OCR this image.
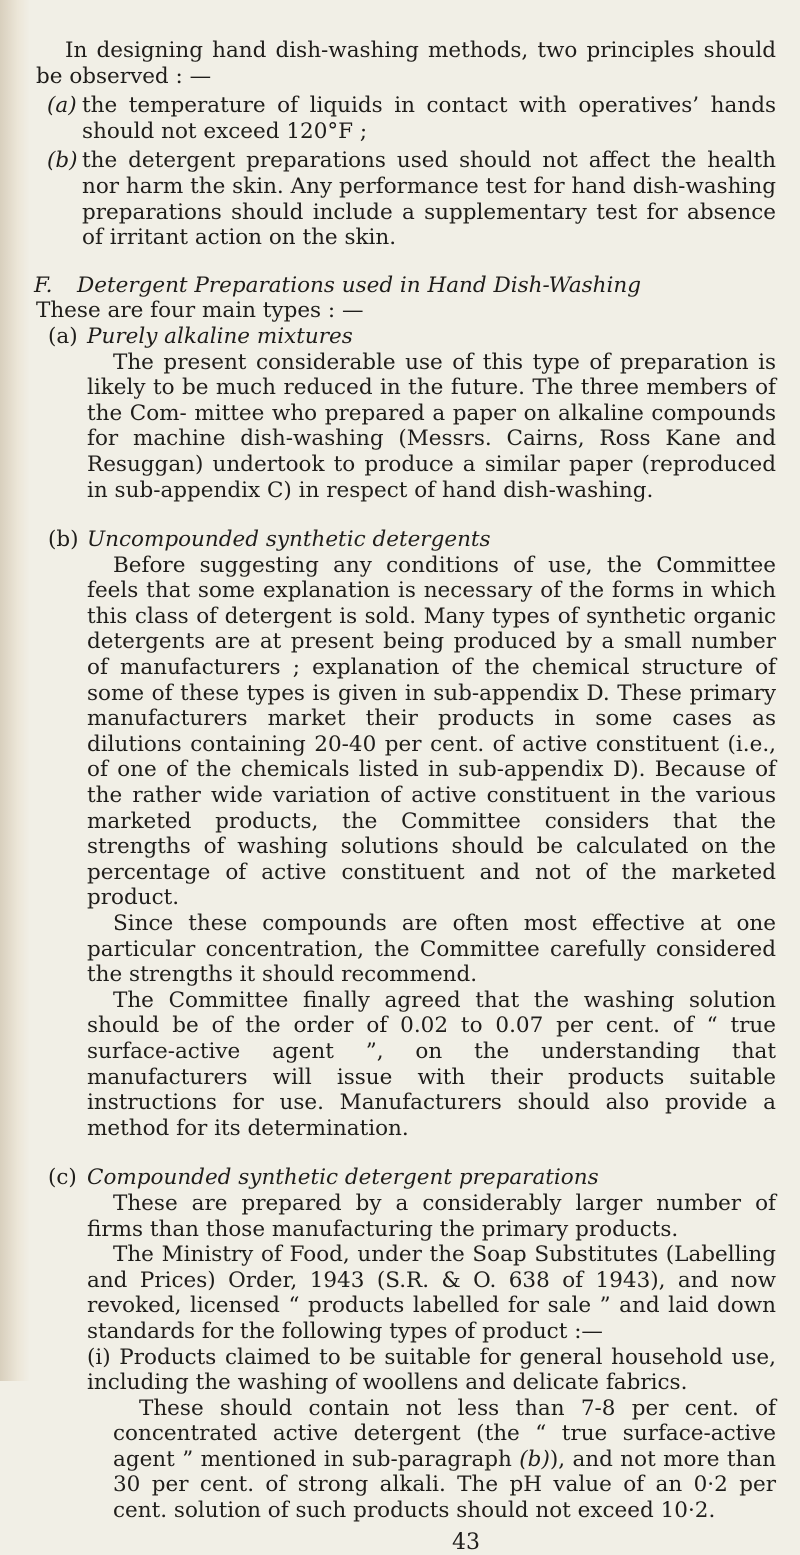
In designing hand dish-washing methods, two principles should be observed : —

(a) the temperature of liquids in contact with operatives’ hands should not exceed 120°F ;

(b) the detergent preparations used should not affect the health nor harm the skin. Any performance test for hand dish-washing preparations should include a supplementary test for absence of irritant action on the skin.

F. Detergent Preparations used in Hand Dish-Washing

These are four main types : —

(a) Purely alkaline mixtures

The present considerable use of this type of preparation is likely to be much reduced in the future. The three members of the Com- mittee who prepared a paper on alkaline compounds for machine dish-washing (Messrs. Cairns, Ross Kane and Resuggan) undertook to produce a similar paper (reproduced in sub-appendix C) in respect of hand dish-washing.

(b) Uncompounded synthetic detergents

Before suggesting any conditions of use, the Committee feels that some explanation is necessary of the forms in which this class of detergent is sold. Many types of synthetic organic detergents are at present being produced by a small number of manufacturers ; explanation of the chemical structure of some of these types is given in sub-appendix D. These primary manufacturers market their products in some cases as dilutions containing 20-40 per cent. of active constituent (i.e., of one of the chemicals listed in sub-appendix D). Because of the rather wide variation of active constituent in the various marketed products, the Committee considers that the strengths of washing solutions should be calculated on the percentage of active constituent and not of the marketed product.

Since these compounds are often most effective at one particular concentration, the Committee carefully considered the strengths it should recommend.

The Committee finally agreed that the washing solution should be of the order of 0.02 to 0.07 per cent. of “ true surface-active agent ”, on the understanding that manufacturers will issue with their products suitable instructions for use. Manufacturers should also provide a method for its determination.

(c) Compounded synthetic detergent preparations

These are prepared by a considerably larger number of firms than those manufacturing the primary products.

The Ministry of Food, under the Soap Substitutes (Labelling and Prices) Order, 1943 (S.R. & O. 638 of 1943), and now revoked, licensed “ products labelled for sale ” and laid down standards for the following types of product :—

(i) Products claimed to be suitable for general household use, including the washing of woollens and delicate fabrics.

These should contain not less than 7-8 per cent. of concentrated active detergent (the “ true surface-active agent ” mentioned in sub-paragraph (b)), and not more than 30 per cent. of strong alkali. The pH value of an 0·2 per cent. solution of such products should not exceed 10·2.

43
